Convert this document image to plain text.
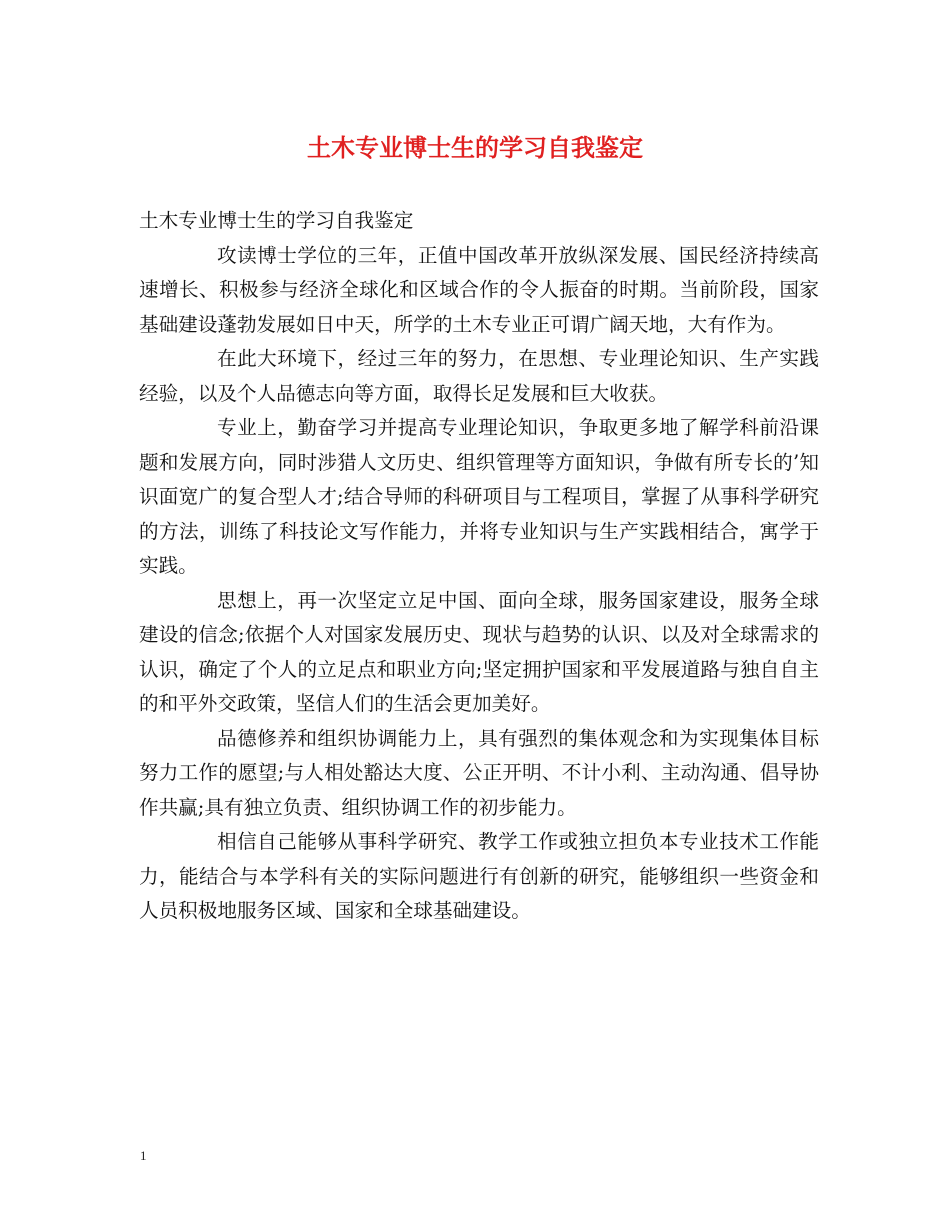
土木专业博士生的学习自我鉴定

土木专业博士生的学习自我鉴定

攻读博士学位的三年，正值中国改革开放纵深发展、国民经济持续高速增长、积极参与经济全球化和区域合作的令人振奋的时期。当前阶段，国家基础建设蓬勃发展如日中天，所学的土木专业正可谓广阔天地，大有作为。

在此大环境下，经过三年的努力，在思想、专业理论知识、生产实践经验，以及个人品德志向等方面，取得长足发展和巨大收获。

专业上，勤奋学习并提高专业理论知识，争取更多地了解学科前沿课题和发展方向，同时涉猎人文历史、组织管理等方面知识，争做有所专长的’知识面宽广的复合型人才;结合导师的科研项目与工程项目，掌握了从事科学研究的方法，训练了科技论文写作能力，并将专业知识与生产实践相结合，寓学于实践。

思想上，再一次坚定立足中国、面向全球，服务国家建设，服务全球建设的信念;依据个人对国家发展历史、现状与趋势的认识、以及对全球需求的认识，确定了个人的立足点和职业方向;坚定拥护国家和平发展道路与独自自主的和平外交政策，坚信人们的生活会更加美好。

品德修养和组织协调能力上，具有强烈的集体观念和为实现集体目标努力工作的愿望;与人相处豁达大度、公正开明、不计小利、主动沟通、倡导协作共赢;具有独立负责、组织协调工作的初步能力。

相信自己能够从事科学研究、教学工作或独立担负本专业技术工作能力，能结合与本学科有关的实际问题进行有创新的研究，能够组织一些资金和人员积极地服务区域、国家和全球基础建设。

1
